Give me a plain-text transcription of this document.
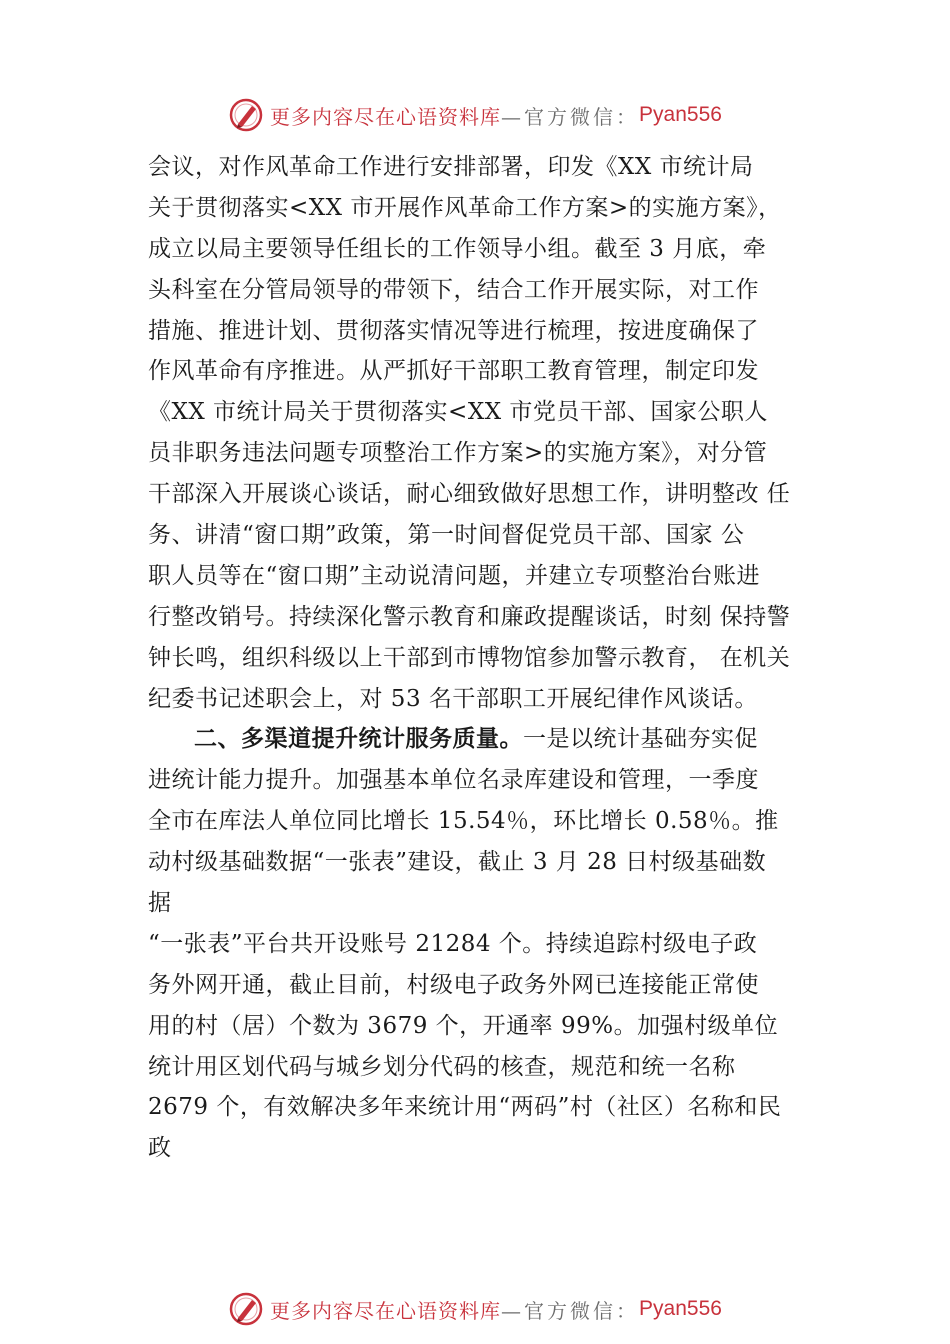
更多内容尽在心语资料库 —官方微信： Pyan556
会议，对作风革命工作进行安排部署，印发《XX 市统计局
关于贯彻落实<XX 市开展作风革命工作方案>的实施方案》，
成立以局主要领导任组长的工作领导小组。截至 3 月底，牵
头科室在分管局领导的带领下，结合工作开展实际，对工作
措施、推进计划、贯彻落实情况等进行梳理，按进度确保了
作风革命有序推进。从严抓好干部职工教育管理，制定印发
《XX 市统计局关于贯彻落实<XX 市党员干部、国家公职人
员非职务违法问题专项整治工作方案>的实施方案》，对分管
干部深入开展谈心谈话，耐心细致做好思想工作，讲明整改 任
务、讲清“窗口期”政策，第一时间督促党员干部、国家 公
职人员等在“窗口期”主动说清问题，并建立专项整治台账进
行整改销号。持续深化警示教育和廉政提醒谈话，时刻 保持警
钟长鸣，组织科级以上干部到市博物馆参加警示教育， 在机关
纪委书记述职会上，对 53 名干部职工开展纪律作风谈话。
二、多渠道提升统计服务质量。一是以统计基础夯实促
进统计能力提升。加强基本单位名录库建设和管理，一季度
全市在库法人单位同比增长 15.54％，环比增长 0.58％。推
动村级基础数据“一张表”建设，截止 3 月 28 日村级基础数
据
“一张表”平台共开设账号 21284 个。持续追踪村级电子政
务外网开通，截止目前，村级电子政务外网已连接能正常使
用的村（居）个数为 3679 个，开通率 99%。加强村级单位
统计用区划代码与城乡划分代码的核查，规范和统一名称
2679 个，有效解决多年来统计用“两码”村（社区）名称和民
政
更多内容尽在心语资料库 —官方微信： Pyan556
